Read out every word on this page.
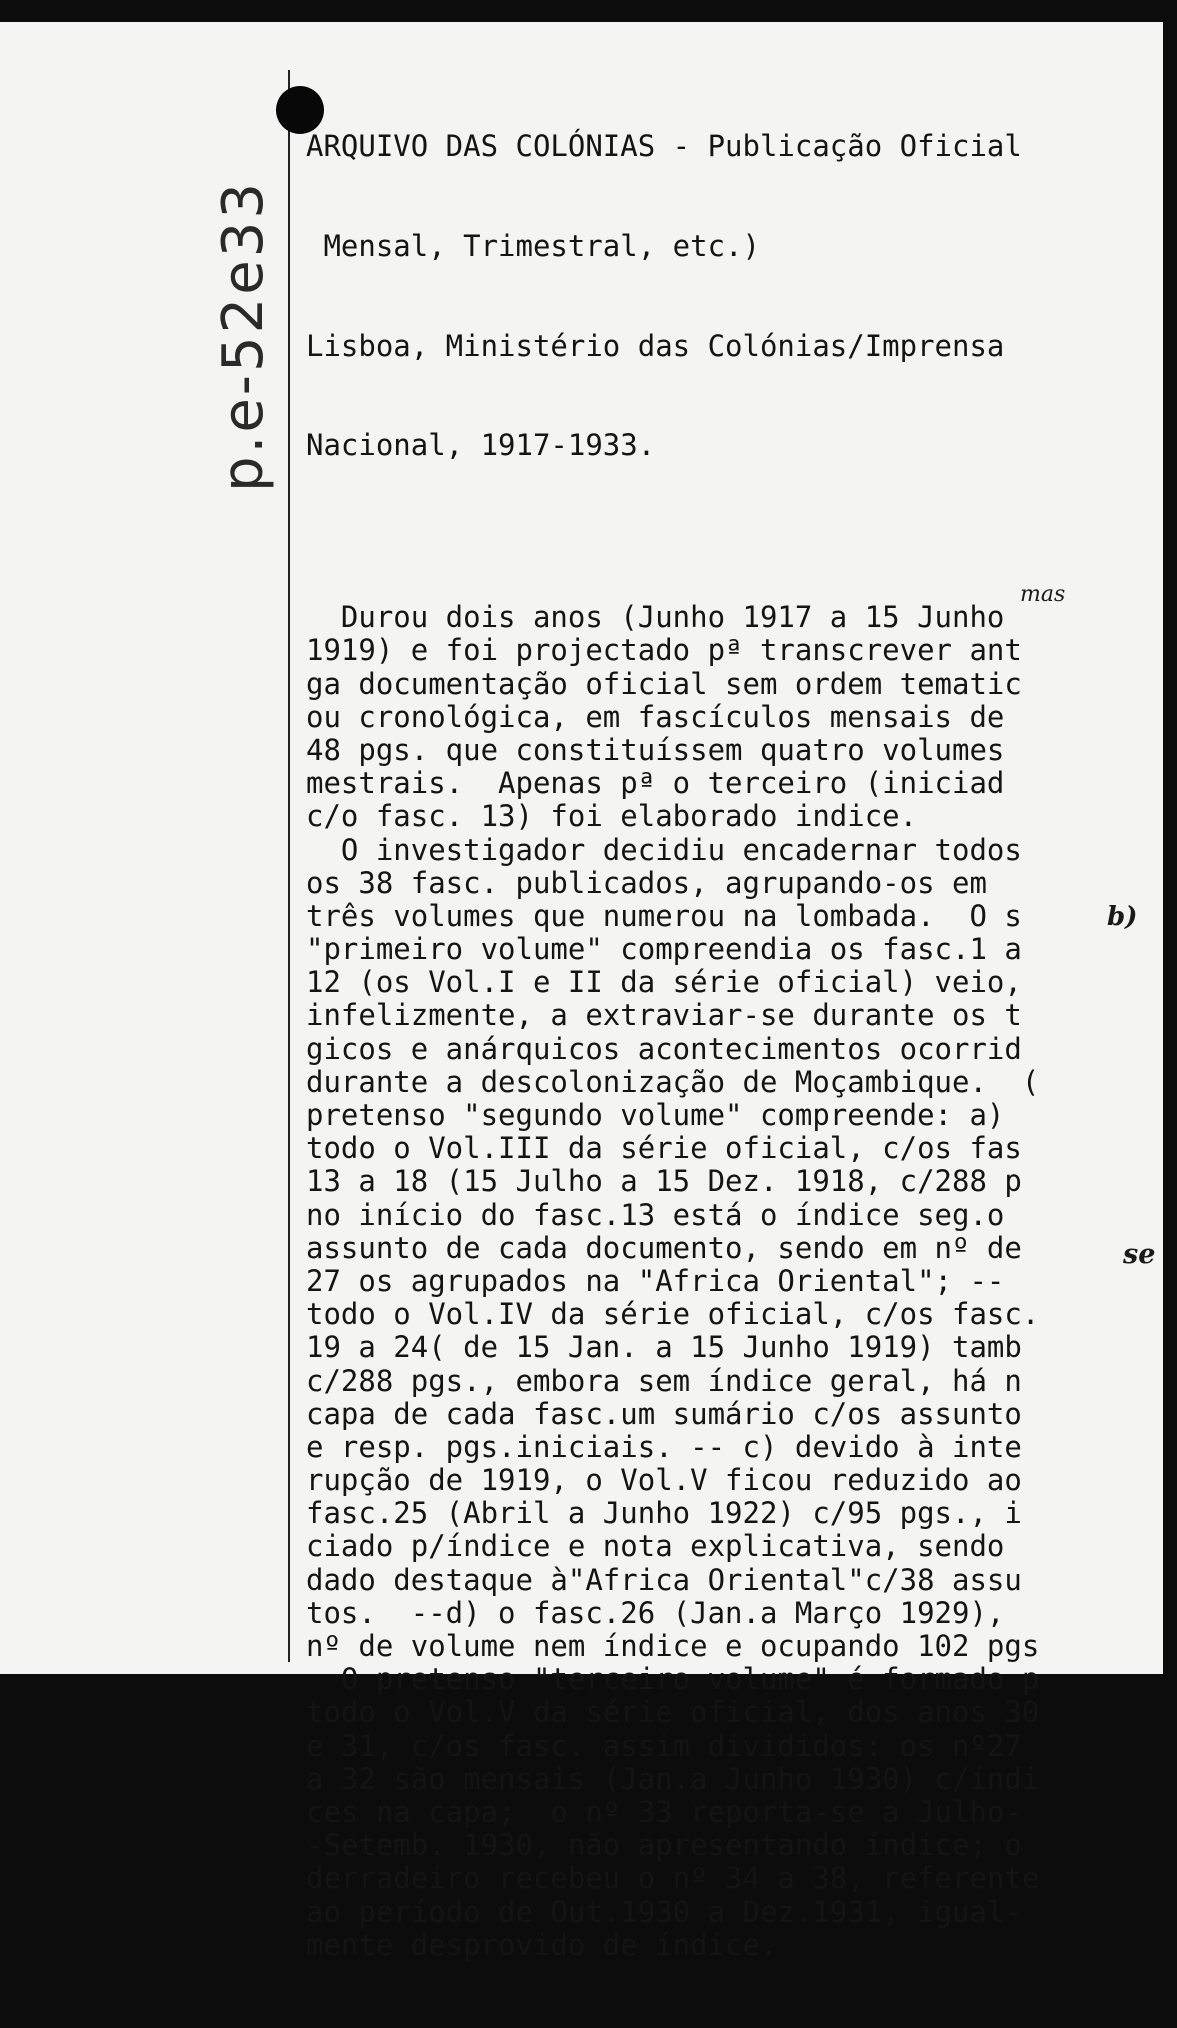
p.e-52e33

ARQUIVO DAS COLÓNIAS - Publicação Oficial

Mensal, Trimestral, etc.)

Lisboa, Ministério das Colónias/Imprensa

Nacional, 1917-1933.

Durou dois anos (Junho 1917 a 15 Junho
1919) e foi projectado pª transcrever ant
ga documentação oficial sem ordem tematic
ou cronológica, em fascículos mensais de
48 pgs. que constituíssem quatro volumes
mestrais.  Apenas pª o terceiro (iniciad
c/o fasc. 13) foi elaborado indice.
O investigador decidiu encadernar todos
os 38 fasc. publicados, agrupando-os em
três volumes que numerou na lombada.  O s
"primeiro volume" compreendia os fasc.1 a
12 (os Vol.I e II da série oficial) veio,
infelizmente, a extraviar-se durante os t
gicos e anárquicos acontecimentos ocorrid
durante a descolonização de Moçambique.  (
pretenso "segundo volume" compreende: a)
todo o Vol.III da série oficial, c/os fas
13 a 18 (15 Julho a 15 Dez. 1918, c/288 p
no início do fasc.13 está o índice seg.o
assunto de cada documento, sendo em nº de
27 os agrupados na "Africa Oriental"; --
todo o Vol.IV da série oficial, c/os fasc.
19 a 24( de 15 Jan. a 15 Junho 1919) tamb
c/288 pgs., embora sem índice geral, há n
capa de cada fasc.um sumário c/os assunto
e resp. pgs.iniciais. -- c) devido à inte
rupção de 1919, o Vol.V ficou reduzido ao
fasc.25 (Abril a Junho 1922) c/95 pgs., i
ciado p/índice e nota explicativa, sendo
dado destaque à"Africa Oriental"c/38 assu
tos.  --d) o fasc.26 (Jan.a Março 1929),
nº de volume nem índice e ocupando 102 pgs
O pretenso "terceiro volume" é formado p
todo o Vol.V da série oficial, dos anos 30
e 31, c/os fasc. assim divididos: os nº27
a 32 são mensais (Jan.a Junho 1930) c/índi
ces na capa;  o nº 33 reporta-se a Julho-
-Setemb. 1930, não apresentando índice; o
derradeiro recebeu o nº 34 a 38, referente
ao período de Out.1930 a Dez.1931, igual-
mente desprovido de índice.

mas
b)
se
